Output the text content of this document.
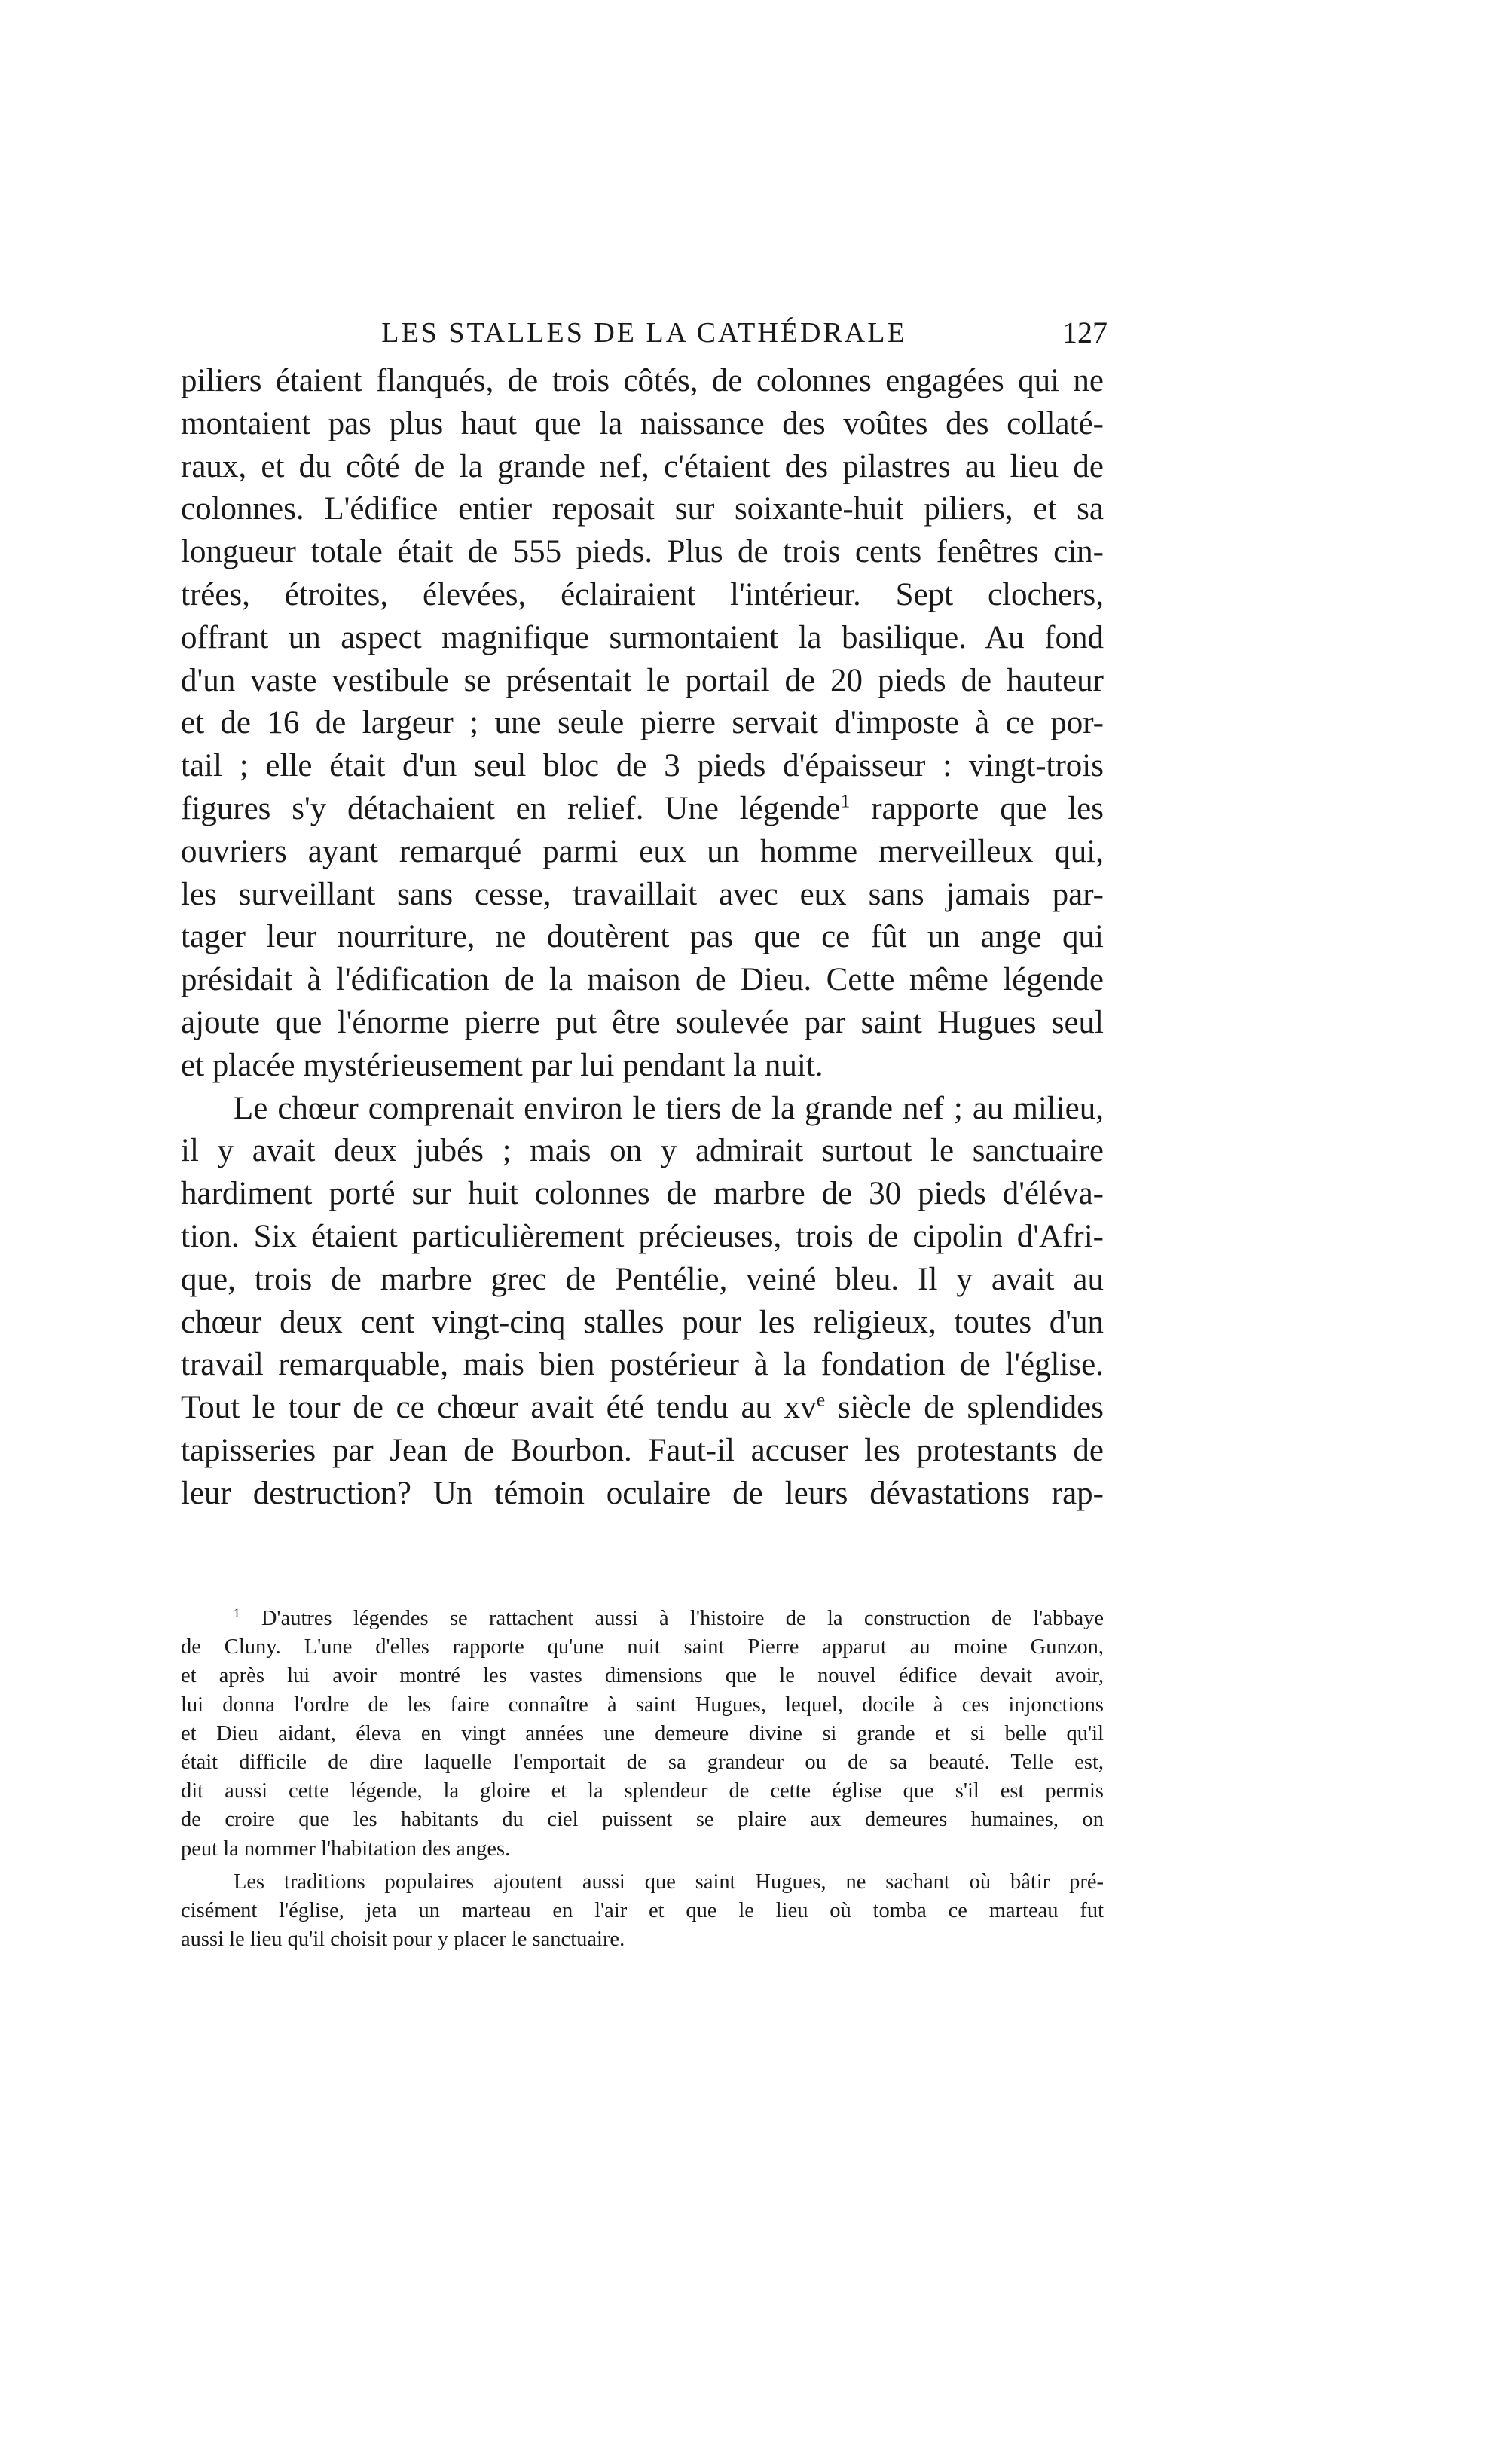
LES STALLES DE LA CATHÉDRALE	127

piliers étaient flanqués, de trois côtés, de colonnes engagées qui ne
montaient pas plus haut que la naissance des voûtes des collaté-
raux, et du côté de la grande nef, c'étaient des pilastres au lieu de
colonnes. L'édifice entier reposait sur soixante-huit piliers, et sa
longueur totale était de 555 pieds. Plus de trois cents fenêtres cin-
trées, étroites, élevées, éclairaient l'intérieur. Sept clochers,
offrant un aspect magnifique surmontaient la basilique. Au fond
d'un vaste vestibule se présentait le portail de 20 pieds de hauteur
et de 16 de largeur ; une seule pierre servait d'imposte à ce por-
tail ; elle était d'un seul bloc de 3 pieds d'épaisseur : vingt-trois
figures s'y détachaient en relief. Une légende$^1$ rapporte que les
ouvriers ayant remarqué parmi eux un homme merveilleux qui,
les surveillant sans cesse, travaillait avec eux sans jamais par-
tager leur nourriture, ne doutèrent pas que ce fût un ange qui
présidait à l'édification de la maison de Dieu. Cette même légende
ajoute que l'énorme pierre put être soulevée par saint Hugues seul
et placée mystérieusement par lui pendant la nuit.

Le chœur comprenait environ le tiers de la grande nef ; au milieu,
il y avait deux jubés ; mais on y admirait surtout le sanctuaire
hardiment porté sur huit colonnes de marbre de 30 pieds d'éléva-
tion. Six étaient particulièrement précieuses, trois de cipolin d'Afri-
que, trois de marbre grec de Pentélie, veiné bleu. Il y avait au
chœur deux cent vingt-cinq stalles pour les religieux, toutes d'un
travail remarquable, mais bien postérieur à la fondation de l'église.
Tout le tour de ce chœur avait été tendu au $xv^e$ siècle de splendides
tapisseries par Jean de Bourbon. Faut-il accuser les protestants de
leur destruction? Un témoin oculaire de leurs dévastations rap-

$^1$ D'autres légendes se rattachent aussi à l'histoire de la construction de l'abbaye
de Cluny. L'une d'elles rapporte qu'une nuit saint Pierre apparut au moine Gunzon,
et après lui avoir montré les vastes dimensions que le nouvel édifice devait avoir,
lui donna l'ordre de les faire connaître à saint Hugues, lequel, docile à ces injonctions
et Dieu aidant, éleva en vingt années une demeure divine si grande et si belle qu'il
était difficile de dire laquelle l'emportait de sa grandeur ou de sa beauté. Telle est,
dit aussi cette légende, la gloire et la splendeur de cette église que s'il est permis
de croire que les habitants du ciel puissent se plaire aux demeures humaines, on
peut la nommer l'habitation des anges.

Les traditions populaires ajoutent aussi que saint Hugues, ne sachant où bâtir pré-
cisément l'église, jeta un marteau en l'air et que le lieu où tomba ce marteau fut
aussi le lieu qu'il choisit pour y placer le sanctuaire.
